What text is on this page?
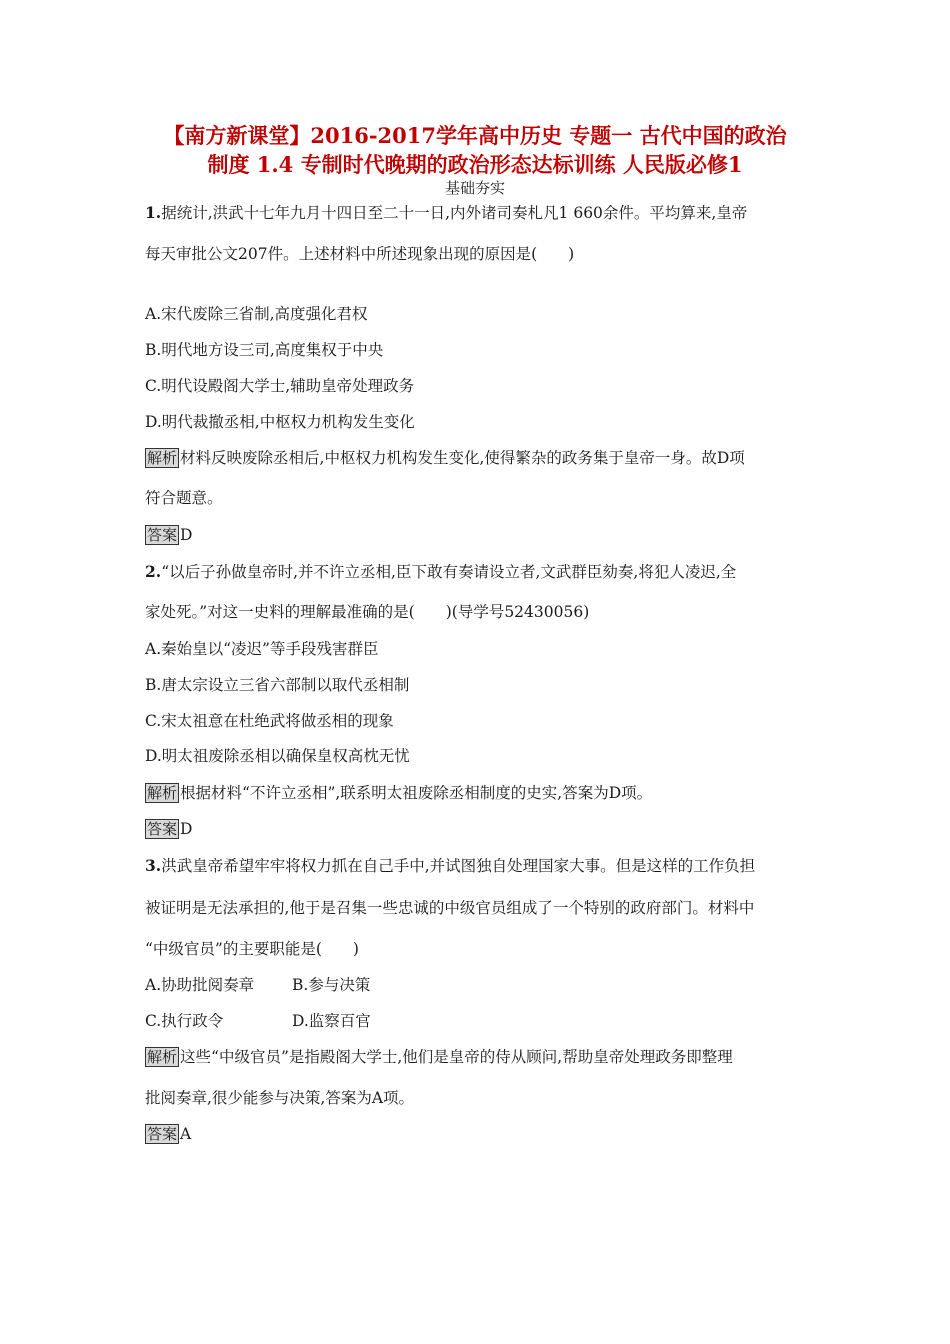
【南方新课堂】2016-2017学年高中历史 专题一 古代中国的政治
制度 1.4 专制时代晚期的政治形态达标训练 人民版必修1
基础夯实
1.据统计,洪武十七年九月十四日至二十一日,内外诸司奏札凡1 660余件。平均算来,皇帝
每天审批公文207件。上述材料中所述现象出现的原因是(　　)
A.宋代废除三省制,高度强化君权
B.明代地方设三司,高度集权于中央
C.明代设殿阁大学士,辅助皇帝处理政务
D.明代裁撤丞相,中枢权力机构发生变化
解析 材料反映废除丞相后,中枢权力机构发生变化,使得繁杂的政务集于皇帝一身。故D项
符合题意。
答案 D
2.“以后子孙做皇帝时,并不许立丞相,臣下敢有奏请设立者,文武群臣劾奏,将犯人凌迟,全
家处死。”对这一史料的理解最准确的是(　　)(导学号52430056)
A.秦始皇以“凌迟”等手段残害群臣
B.唐太宗设立三省六部制以取代丞相制
C.宋太祖意在杜绝武将做丞相的现象
D.明太祖废除丞相以确保皇权高枕无忧
解析 根据材料“不许立丞相”,联系明太祖废除丞相制度的史实,答案为D项。
答案 D
3.洪武皇帝希望牢牢将权力抓在自己手中,并试图独自处理国家大事。但是这样的工作负担
被证明是无法承担的,他于是召集一些忠诚的中级官员组成了一个特别的政府部门。材料中
“中级官员”的主要职能是(　　)
A.协助批阅奏章 B.参与决策
C.执行政令	D.监察百官
解析 这些“中级官员”是指殿阁大学士,他们是皇帝的侍从顾问,帮助皇帝处理政务即整理
批阅奏章,很少能参与决策,答案为A项。
答案 A
